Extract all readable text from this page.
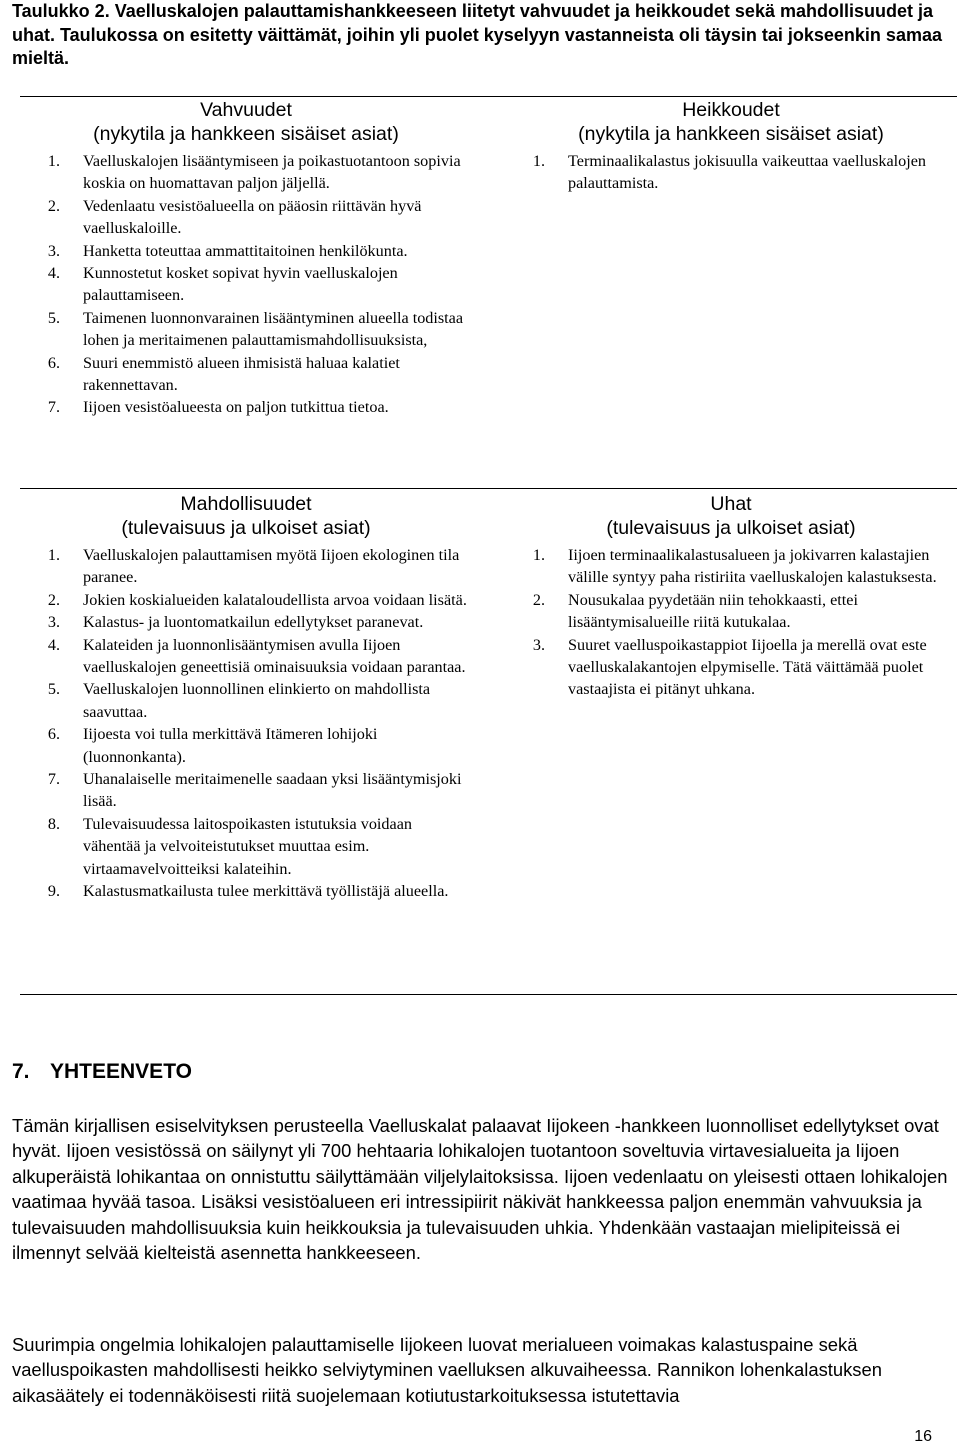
Taulukko 2. Vaelluskalojen palauttamishankkeeseen liitetyt vahvuudet ja heikkoudet sekä mahdollisuudet ja uhat. Taulukossa on esitetty väittämät, joihin yli puolet kyselyyn vastanneista oli täysin tai jokseenkin samaa mieltä.
Vahvuudet
(nykytila ja hankkeen sisäiset asiat)
1. Vaelluskalojen lisääntymiseen ja poikastuotantoon sopivia koskia on huomattavan paljon jäljellä.
2. Vedenlaatu vesistöalueella on pääosin riittävän hyvä vaelluskaloille.
3. Hanketta toteuttaa ammattitaitoinen henkilökunta.
4. Kunnostetut kosket sopivat hyvin vaelluskalojen palauttamiseen.
5. Taimenen luonnonvarainen lisääntyminen alueella todistaa lohen ja meritaimenen palauttamismahdollisuuksista,
6. Suuri enemmistö alueen ihmisistä haluaa kalatiet rakennettavan.
7. Iijoen vesistöalueesta on paljon tutkittua tietoa.
Heikkoudet
(nykytila ja hankkeen sisäiset asiat)
1. Terminaalikalastus jokisuulla vaikeuttaa vaelluskalojen palauttamista.
Mahdollisuudet
(tulevaisuus ja ulkoiset asiat)
1. Vaelluskalojen palauttamisen myötä Iijoen ekologinen tila paranee.
2. Jokien koskialueiden kalataloudellista arvoa voidaan lisätä.
3. Kalastus- ja luontomatkailun edellytykset paranevat.
4. Kalateiden ja luonnonlisääntymisen avulla Iijoen vaelluskalojen geneettisiä ominaisuuksia voidaan parantaa.
5. Vaelluskalojen luonnollinen elinkierto on mahdollista saavuttaa.
6. Iijoesta voi tulla merkittävä Itämeren lohijoki (luonnonkanta).
7. Uhanalaiselle meritaimenelle saadaan yksi lisääntymisjoki lisää.
8. Tulevaisuudessa laitospoikasten istutuksia voidaan vähentää ja velvoiteistutukset muuttaa esim. virtaamavelvoitteiksi kalateihin.
9. Kalastusmatkailusta tulee merkittävä työllistäjä alueella.
Uhat
(tulevaisuus ja ulkoiset asiat)
1. Iijoen terminaalikalastusalueen ja jokivarren kalastajien välille syntyy paha ristiriita vaelluskalojen kalastuksesta.
2. Nousukalaa pyydetään niin tehokkaasti, ettei lisääntymisalueille riitä kutukalaa.
3. Suuret vaelluspoikastappiot Iijoella ja merellä ovat este vaelluskalakantojen elpymiselle. Tätä väittämää puolet vastaajista ei pitänyt uhkana.
7. YHTEENVETO
Tämän kirjallisen esiselvityksen perusteella Vaelluskalat palaavat Iijokeen -hankkeen luonnolliset edellytykset ovat hyvät. Iijoen vesistössä on säilynyt yli 700 hehtaaria lohikalojen tuotantoon soveltuvia virtavesialueita ja Iijoen alkuperäistä lohikantaa on onnistuttu säilyttämään viljelylaitoksissa. Iijoen vedenlaatu on yleisesti ottaen lohikalojen vaatimaa hyvää tasoa. Lisäksi vesistöalueen eri intressipiirit näkivät hankkeessa paljon enemmän vahvuuksia ja tulevaisuuden mahdollisuuksia kuin heikkouksia ja tulevaisuuden uhkia. Yhdenkään vastaajan mielipiteissä ei ilmennyt selvää kielteistä asennetta hankkeeseen.
Suurimpia ongelmia lohikalojen palauttamiselle Iijokeen luovat merialueen voimakas kalastuspaine sekä vaelluspoikasten mahdollisesti heikko selviytyminen vaelluksen alkuvaiheessa. Rannikon lohenkalastuksen aikasäätely ei todennäköisesti riitä suojelemaan kotiutustarkoituksessa istutettavia
16
